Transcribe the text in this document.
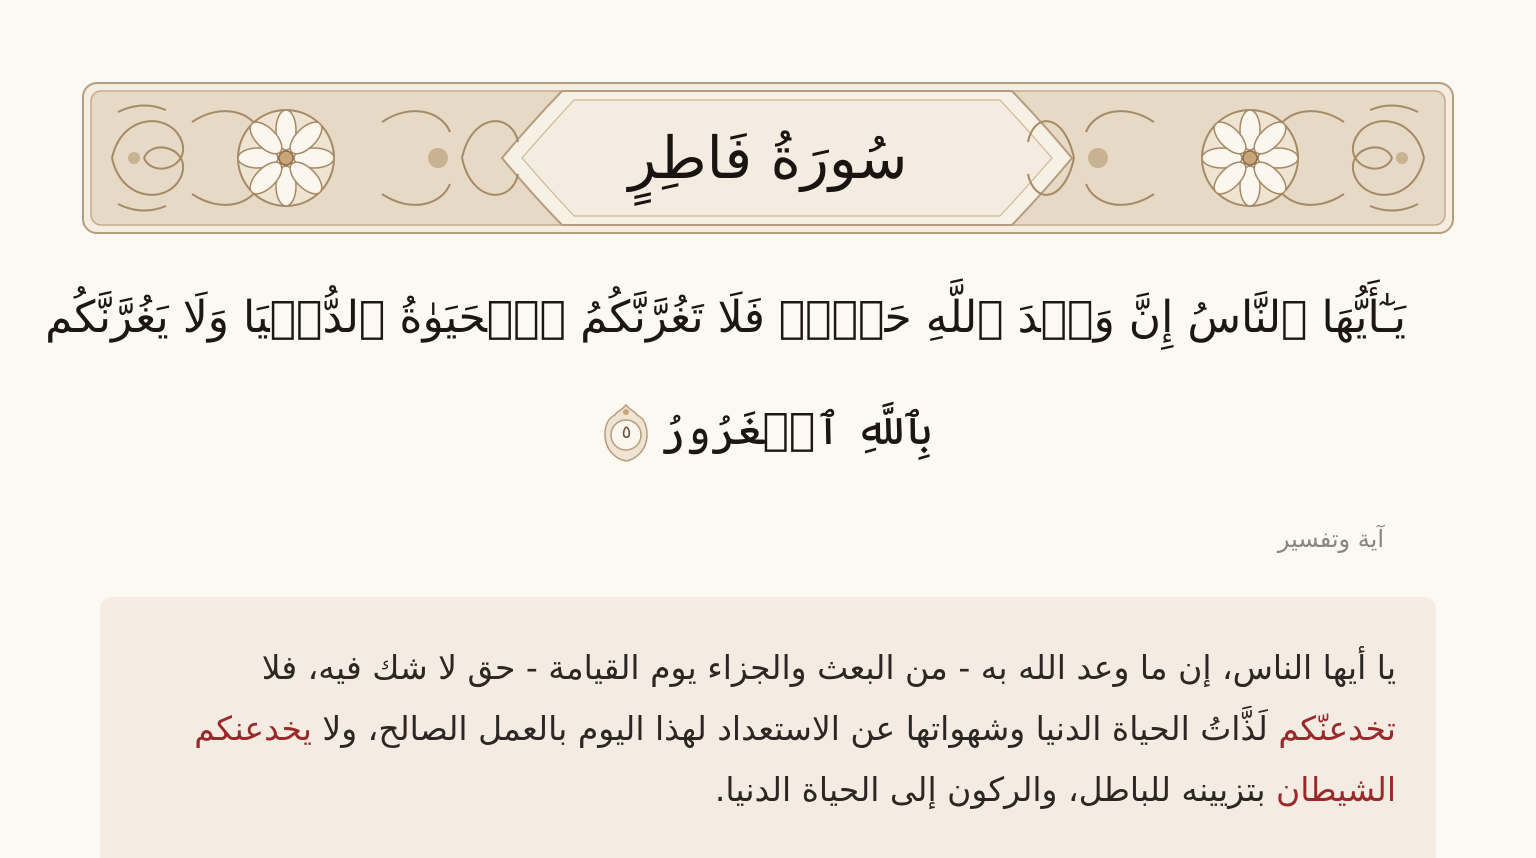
سُورَةُ فَاطِرٍ
يَـٰٓأَيُّهَا ٱلنَّاسُ إِنَّ وَعۡدَ ٱللَّهِ حَقّٞۖ فَلَا تَغُرَّنَّكُمُ ٱلۡحَيَوٰةُ ٱلدُّنۡيَا وَلَا يَغُرَّنَّكُم
بِٱللَّهِ ٱلۡغَرُورُ
٥
آية وتفسير
يا أيها الناس، إن ما وعد الله به - من البعث والجزاء يوم القيامة - حق لا شك فيه، فلا تخدعنّكم لَذَّاتُ الحياة الدنيا وشهواتها عن الاستعداد لهذا اليوم بالعمل الصالح، ولا يخدعنكم الشيطان بتزيينه للباطل، والركون إلى الحياة الدنيا.
